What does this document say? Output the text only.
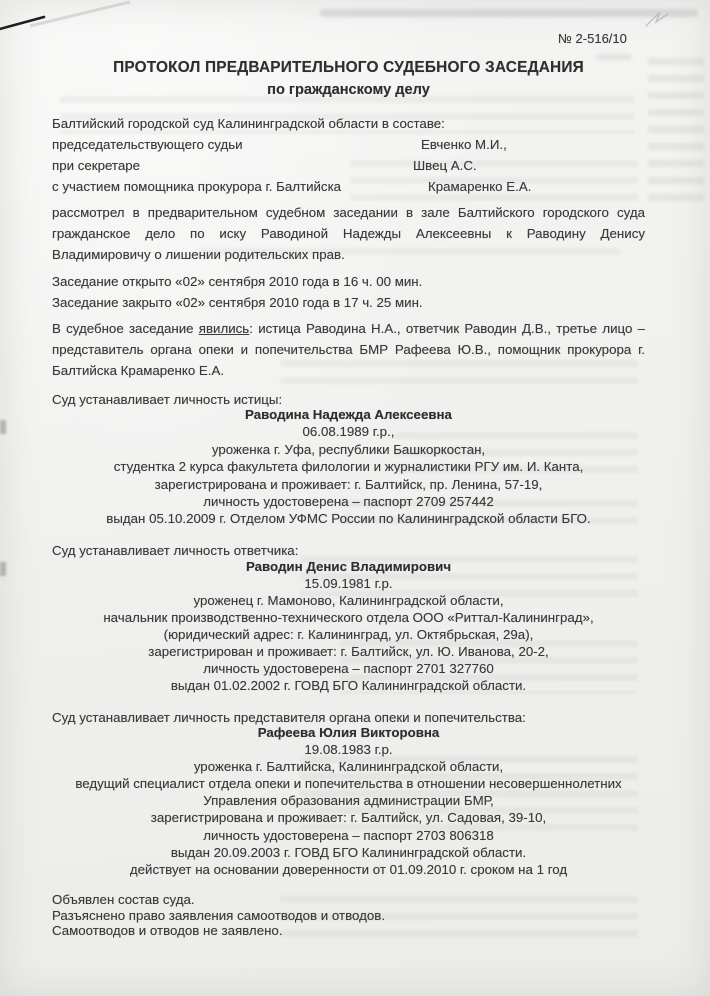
№ 2-516/10
ПРОТОКОЛ ПРЕДВАРИТЕЛЬНОГО СУДЕБНОГО ЗАСЕДАНИЯ
по гражданскому делу
Балтийский городской суд Калининградской области в составе:
председательствующего судьи	Евченко М.И.,
при секретаре	Швец А.С.
с участием помощника прокурора г. Балтийска	Крамаренко Е.А.
рассмотрел в предварительном судебном заседании в зале Балтийского городского суда гражданское дело по иску Раводиной Надежды Алексеевны к Раводину Денису Владимировичу о лишении родительских прав.
Заседание открыто «02» сентября 2010 года в 16 ч. 00 мин.
Заседание закрыто «02» сентября 2010 года в 17 ч. 25 мин.
В судебное заседание явились: истица Раводина Н.А., ответчик Раводин Д.В., третье лицо – представитель органа опеки и попечительства БМР Рафеева Ю.В., помощник прокурора г. Балтийска Крамаренко Е.А.
Суд устанавливает личность истицы:
Раводина Надежда Алексеевна
06.08.1989 г.р.,
уроженка г. Уфа, республики Башкоркостан,
студентка 2 курса факультета филологии и журналистики РГУ им. И. Канта,
зарегистрирована и проживает: г. Балтийск, пр. Ленина, 57-19,
личность удостоверена – паспорт 2709 257442
выдан 05.10.2009 г. Отделом УФМС России по Калининградской области БГО.
Суд устанавливает личность ответчика:
Раводин Денис Владимирович
15.09.1981 г.р.
уроженец г. Мамоново, Калининградской области,
начальник производственно-технического отдела ООО «Риттал-Калининград»,
(юридический адрес: г. Калининград, ул. Октябрьская, 29а),
зарегистрирован и проживает: г. Балтийск, ул. Ю. Иванова, 20-2,
личность удостоверена – паспорт 2701 327760
выдан 01.02.2002 г. ГОВД БГО Калининградской области.
Суд устанавливает личность представителя органа опеки и попечительства:
Рафеева Юлия Викторовна
19.08.1983 г.р.
уроженка г. Балтийска, Калининградской области,
ведущий специалист отдела опеки и попечительства в отношении несовершеннолетних
Управления образования администрации БМР,
зарегистрирована и проживает: г. Балтийск, ул. Садовая, 39-10,
личность удостоверена – паспорт 2703 806318
выдан 20.09.2003 г. ГОВД БГО Калининградской области.
действует на основании доверенности от 01.09.2010 г. сроком на 1 год
Объявлен состав суда.
Разъяснено право заявления самоотводов и отводов.
Самоотводов и отводов не заявлено.
